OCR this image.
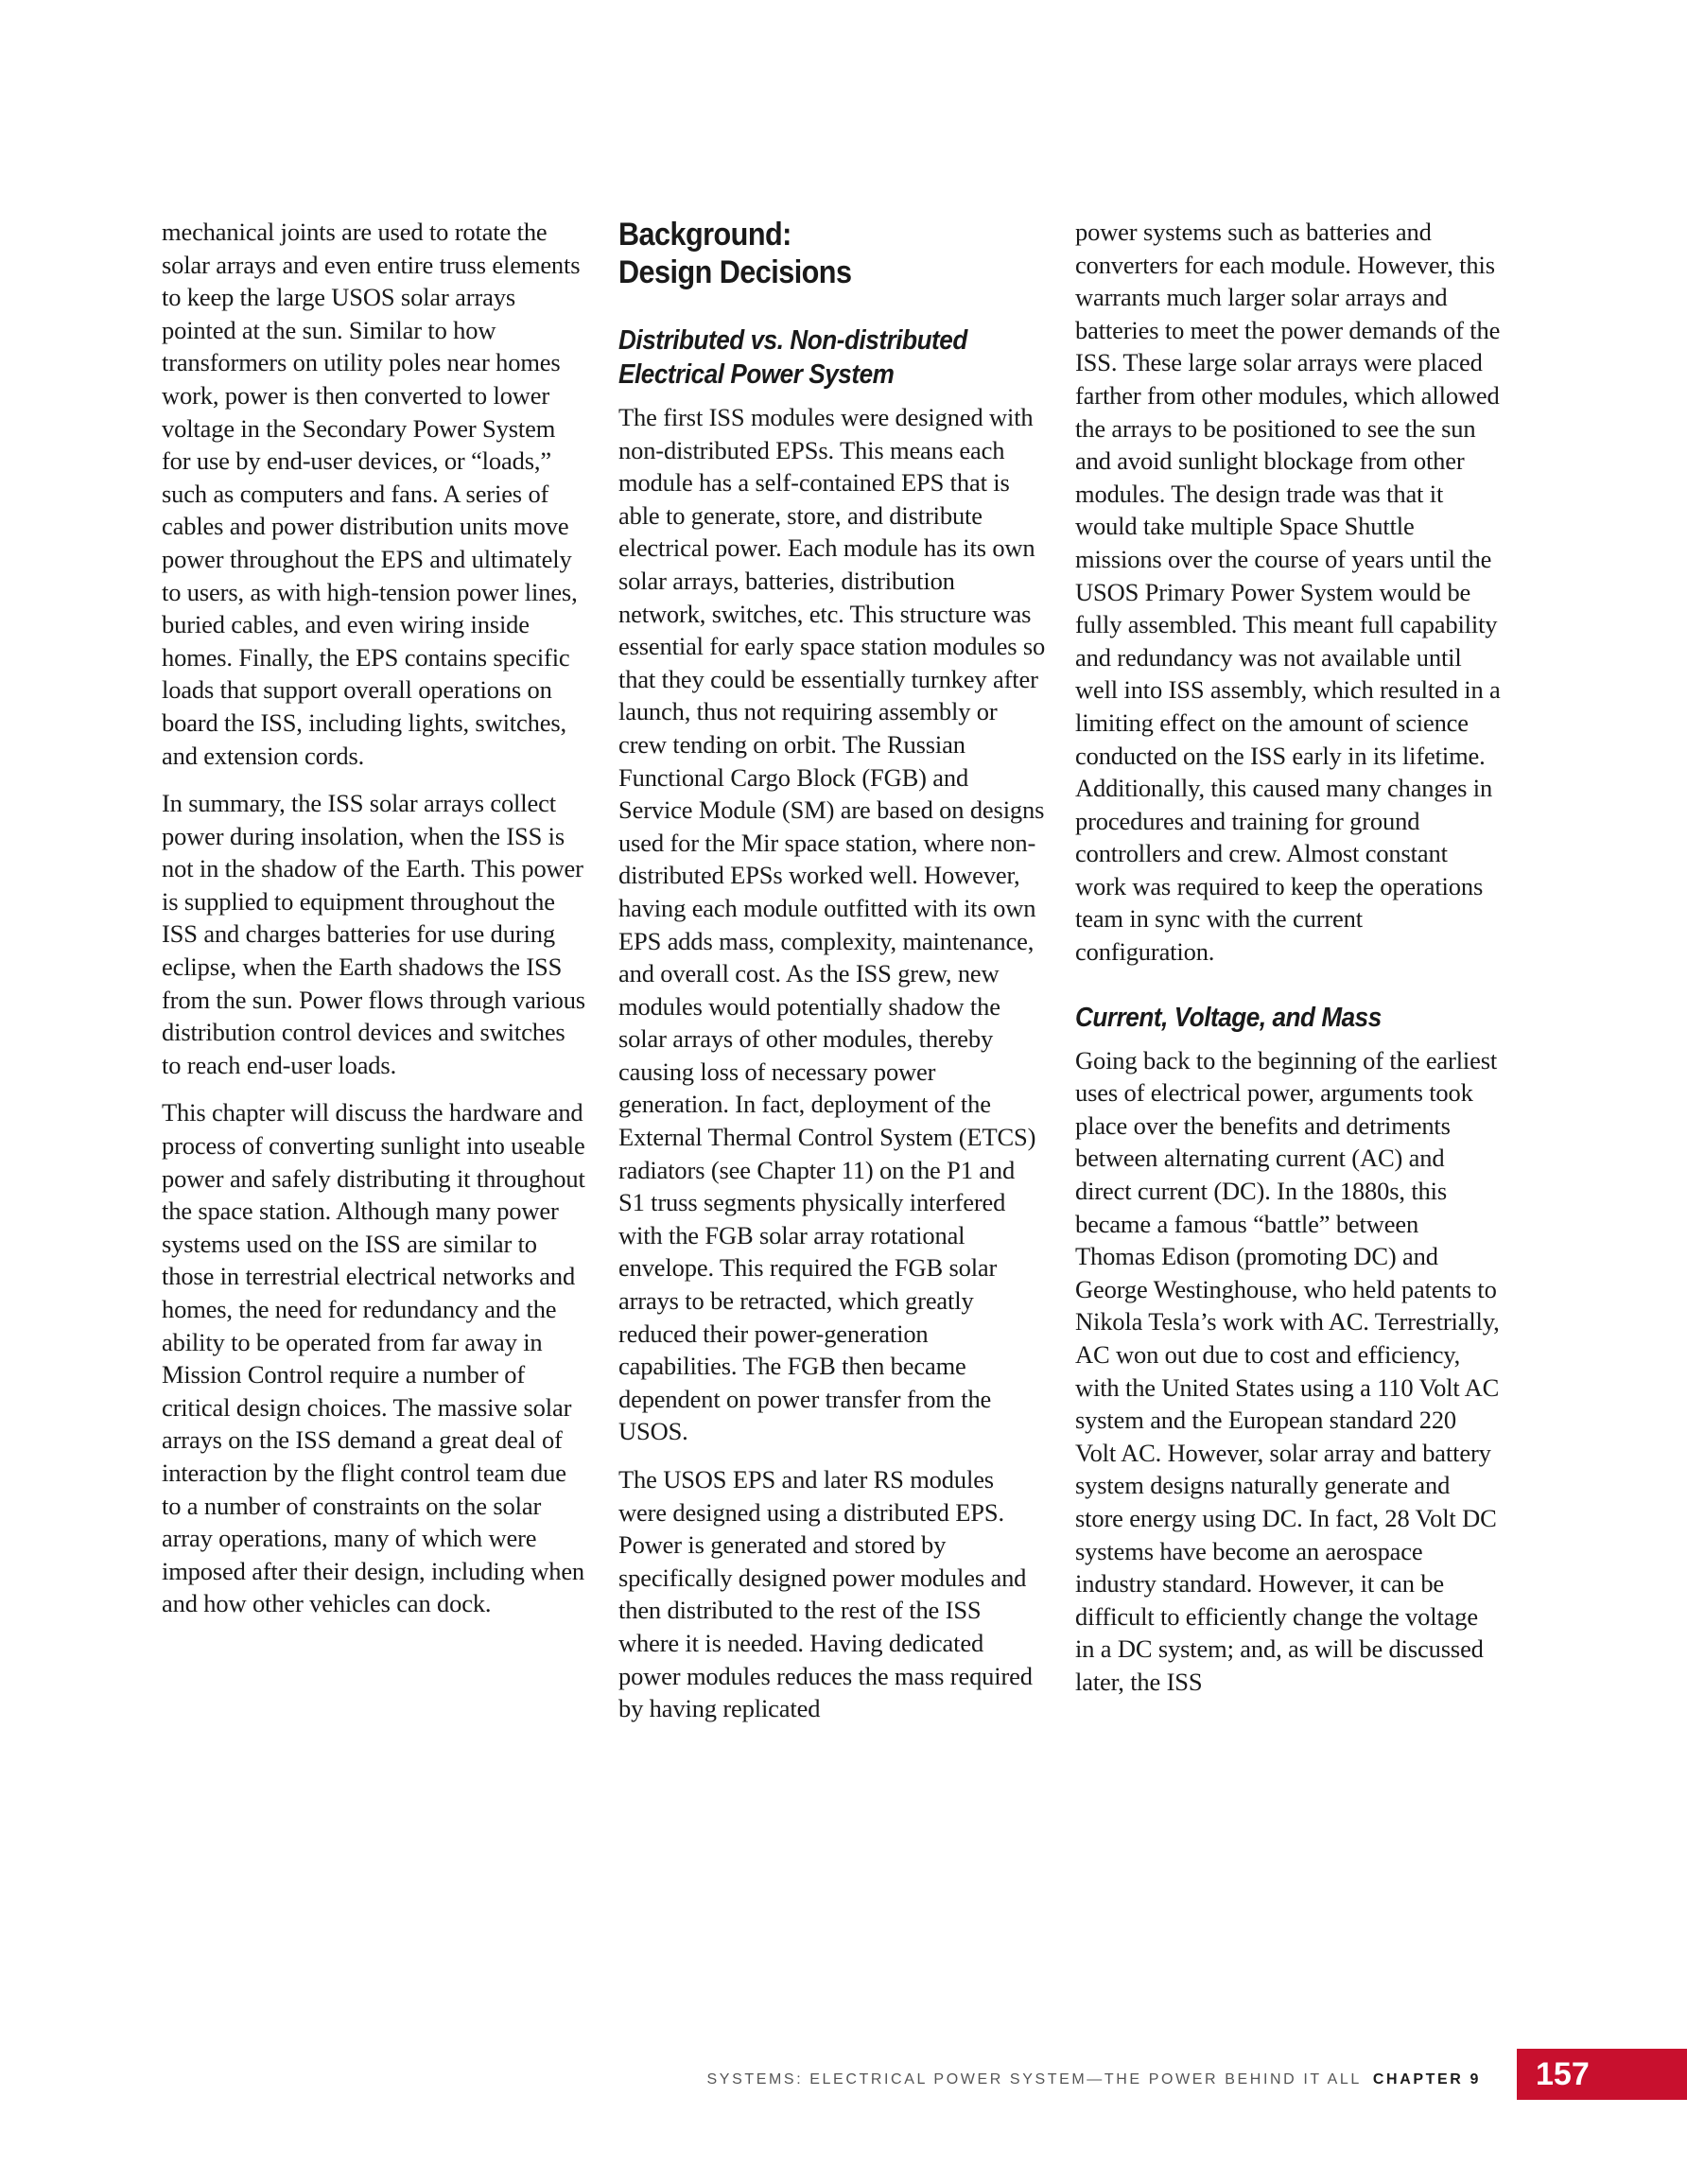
mechanical joints are used to rotate the solar arrays and even entire truss elements to keep the large USOS solar arrays pointed at the sun. Similar to how transformers on utility poles near homes work, power is then converted to lower voltage in the Secondary Power System for use by end-user devices, or “loads,” such as computers and fans. A series of cables and power distribution units move power throughout the EPS and ultimately to users, as with high-tension power lines, buried cables, and even wiring inside homes. Finally, the EPS contains specific loads that support overall operations on board the ISS, including lights, switches, and extension cords.

In summary, the ISS solar arrays collect power during insolation, when the ISS is not in the shadow of the Earth. This power is supplied to equipment throughout the ISS and charges batteries for use during eclipse, when the Earth shadows the ISS from the sun. Power flows through various distribution control devices and switches to reach end-user loads.

This chapter will discuss the hardware and process of converting sunlight into useable power and safely distributing it throughout the space station. Although many power systems used on the ISS are similar to those in terrestrial electrical networks and homes, the need for redundancy and the ability to be operated from far away in Mission Control require a number of critical design choices. The massive solar arrays on the ISS demand a great deal of interaction by the flight control team due to a number of constraints on the solar array operations, many of which were imposed after their design, including when and how other vehicles can dock.

Background:
Design Decisions
Distributed vs. Non-distributed
Electrical Power System

The first ISS modules were designed with non-distributed EPSs. This means each module has a self-contained EPS that is able to generate, store, and distribute electrical power. Each module has its own solar arrays, batteries, distribution network, switches, etc. This structure was essential for early space station modules so that they could be essentially turnkey after launch, thus not requiring assembly or crew tending on orbit. The Russian Functional Cargo Block (FGB) and Service Module (SM) are based on designs used for the Mir space station, where non-distributed EPSs worked well. However, having each module outfitted with its own EPS adds mass, complexity, maintenance, and overall cost. As the ISS grew, new modules would potentially shadow the solar arrays of other modules, thereby causing loss of necessary power generation. In fact, deployment of the External Thermal Control System (ETCS) radiators (see Chapter 11) on the P1 and S1 truss segments physically interfered with the FGB solar array rotational envelope. This required the FGB solar arrays to be retracted, which greatly reduced their power-generation capabilities. The FGB then became dependent on power transfer from the USOS.

The USOS EPS and later RS modules were designed using a distributed EPS. Power is generated and stored by specifically designed power modules and then distributed to the rest of the ISS where it is needed. Having dedicated power modules reduces the mass required by having replicated

power systems such as batteries and converters for each module. However, this warrants much larger solar arrays and batteries to meet the power demands of the ISS. These large solar arrays were placed farther from other modules, which allowed the arrays to be positioned to see the sun and avoid sunlight blockage from other modules. The design trade was that it would take multiple Space Shuttle missions over the course of years until the USOS Primary Power System would be fully assembled. This meant full capability and redundancy was not available until well into ISS assembly, which resulted in a limiting effect on the amount of science conducted on the ISS early in its lifetime. Additionally, this caused many changes in procedures and training for ground controllers and crew. Almost constant work was required to keep the operations team in sync with the current configuration.

Current, Voltage, and Mass

Going back to the beginning of the earliest uses of electrical power, arguments took place over the benefits and detriments between alternating current (AC) and direct current (DC). In the 1880s, this became a famous “battle” between Thomas Edison (promoting DC) and George Westinghouse, who held patents to Nikola Tesla’s work with AC. Terrestrially, AC won out due to cost and efficiency, with the United States using a 110 Volt AC system and the European standard 220 Volt AC. However, solar array and battery system designs naturally generate and store energy using DC. In fact, 28 Volt DC systems have become an aerospace industry standard. However, it can be difficult to efficiently change the voltage in a DC system; and, as will be discussed later, the ISS

SYSTEMS: ELECTRICAL POWER SYSTEM—THE POWER BEHIND IT ALL CHAPTER 9 157
